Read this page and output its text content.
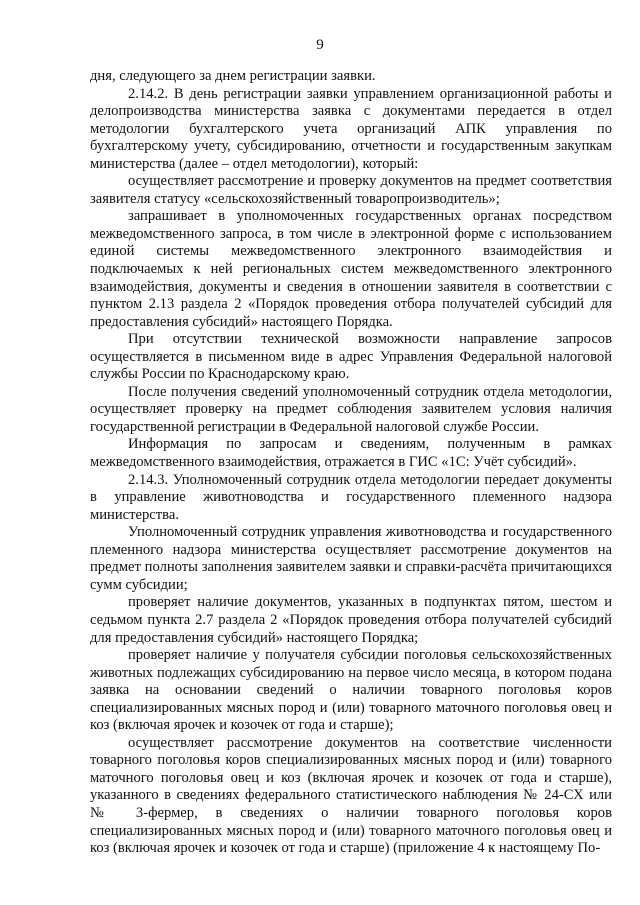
9

дня, следующего за днем регистрации заявки.

2.14.2. В день регистрации заявки управлением организационной работы и делопроизводства министерства заявка с документами передается в отдел методологии бухгалтерского учета организаций АПК управления по бухгалтерскому учету, субсидированию, отчетности и государственным закупкам министерства (далее – отдел методологии), который:

осуществляет рассмотрение и проверку документов на предмет соответствия заявителя статусу «сельскохозяйственный товаропроизводитель»;

запрашивает в уполномоченных государственных органах посредством межведомственного запроса, в том числе в электронной форме с использованием единой системы межведомственного электронного взаимодействия и подключаемых к ней региональных систем межведомственного электронного взаимодействия, документы и сведения в отношении заявителя в соответствии с пунктом 2.13 раздела 2 «Порядок проведения отбора получателей субсидий для предоставления субсидий» настоящего Порядка.

При отсутствии технической возможности направление запросов осуществляется в письменном виде в адрес Управления Федеральной налоговой службы России по Краснодарскому краю.

После получения сведений уполномоченный сотрудник отдела методологии, осуществляет проверку на предмет соблюдения заявителем условия наличия государственной регистрации в Федеральной налоговой службе России.

Информация по запросам и сведениям, полученным в рамках межведомственного взаимодействия, отражается в ГИС «1С: Учёт субсидий».

2.14.3. Уполномоченный сотрудник отдела методологии передает документы в управление животноводства и государственного племенного надзора министерства.

Уполномоченный сотрудник управления животноводства и государственного племенного надзора министерства осуществляет рассмотрение документов на предмет полноты заполнения заявителем заявки и справки-расчёта причитающихся сумм субсидии;

проверяет наличие документов, указанных в подпунктах пятом, шестом и седьмом пункта 2.7 раздела 2 «Порядок проведения отбора получателей субсидий для предоставления субсидий» настоящего Порядка;

проверяет наличие у получателя субсидии поголовья сельскохозяйственных животных подлежащих субсидированию на первое число месяца, в котором подана заявка на основании сведений о наличии товарного поголовья коров специализированных мясных пород и (или) товарного маточного поголовья овец и коз (включая ярочек и козочек от года и старше);

осуществляет рассмотрение документов на соответствие численности товарного поголовья коров специализированных мясных пород и (или) товарного маточного поголовья овец и коз (включая ярочек и козочек от года и старше), указанного в сведениях федерального статистического наблюдения № 24-СХ или № 3-фермер, в сведениях о наличии товарного поголовья коров специализированных мясных пород и (или) товарного маточного поголовья овец и коз (включая ярочек и козочек от года и старше) (приложение 4 к настоящему По-
